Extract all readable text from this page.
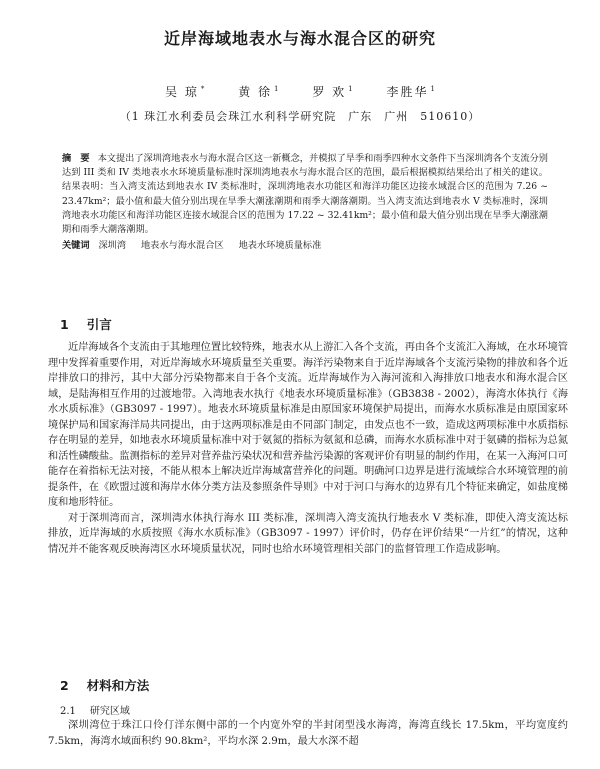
近岸海域地表水与海水混合区的研究
吴 琼 *	黄 徐 $^1$	罗 欢 $^1$	李胜华 $^1$
（1 珠江水利委员会珠江水利科学研究院　广东　广州　510610）
摘　要 本文提出了深圳湾地表水与海水混合区这一新概念，并模拟了旱季和雨季四种水文条件下当深圳湾各个支流分别达到 III 类和 IV 类地表水水环境质量标准时深圳湾地表水与海水混合区的范围，最后根据模拟结果给出了相关的建议。结果表明：当入湾支流达到地表水 IV 类标准时，深圳湾地表水功能区和海洋功能区边接水域混合区的范围为 7.26 ~ 23.47km²；最小值和最大值分别出现在旱季大潮涨潮期和雨季大潮落潮期。当入湾支流达到地表水 V 类标准时，深圳湾地表水功能区和海洋功能区连接水域混合区的范围为 17.22 ~ 32.41km²；最小值和最大值分别出现在旱季大潮涨潮期和雨季大潮落潮期。
关键词 深圳湾 地表水与海水混合区 地表水环境质量标准
1 引言

近岸海域各个支流由于其地理位置比较特殊，地表水从上游汇入各个支流，再由各个支流汇入海域，在水环境管理中发挥着重要作用，对近岸海域水环境质量至关重要。海洋污染物来自于近岸海域各个支流污染物的排放和各个近岸排放口的排污，其中大部分污染物都来自于各个支流。近岸海域作为入海河流和入海排放口地表水和海水混合区域，是陆海相互作用的过渡地带。入湾地表水执行《地表水环境质量标准》（GB3838 - 2002），海湾水体执行《海水水质标准》（GB3097 - 1997）。地表水环境质量标准是由原国家环境保护局提出，而海水水质标准是由原国家环境保护局和国家海洋局共同提出，由于这两项标准是由不同部门制定，由发点也不一致，造成这两项标准中水质指标存在明显的差异，如地表水环境质量标准中对于氨氮的指标为氨氮和总磷，而海水水质标准中对于氨磷的指标为总氮和活性磷酸盐。监测指标的差异对营养盐污染状况和营养盐污染源的客观评价有明显的制约作用，在某一入海河口可能存在着指标无法对接，不能从根本上解决近岸海域富营养化的问题。明确河口边界是进行流域综合水环境管理的前提条件，在《欧盟过渡和海岸水体分类方法及参照条件导则》中对于河口与海水的边界有几个特征来确定，如盐度梯度和地形特征。

对于深圳湾而言，深圳湾水体执行海水 III 类标准，深圳湾入湾支流执行地表水 V 类标准，即使入湾支流达标排放，近岸海域的水质按照《海水水质标准》（GB3097 - 1997）评价时，仍存在评价结果“一片红”的情况，这种情况并不能客观反映海湾区水环境质量状况，同时也给水环境管理相关部门的监督管理工作造成影响。

2 材料和方法
2.1 研究区域

深圳湾位于珠江口伶仃洋东侧中部的一个内宽外窄的半封闭型浅水海湾，海湾直线长 17.5km，平均宽度约 7.5km，海湾水域面积约 90.8km²，平均水深 2.9m，最大水深不超
